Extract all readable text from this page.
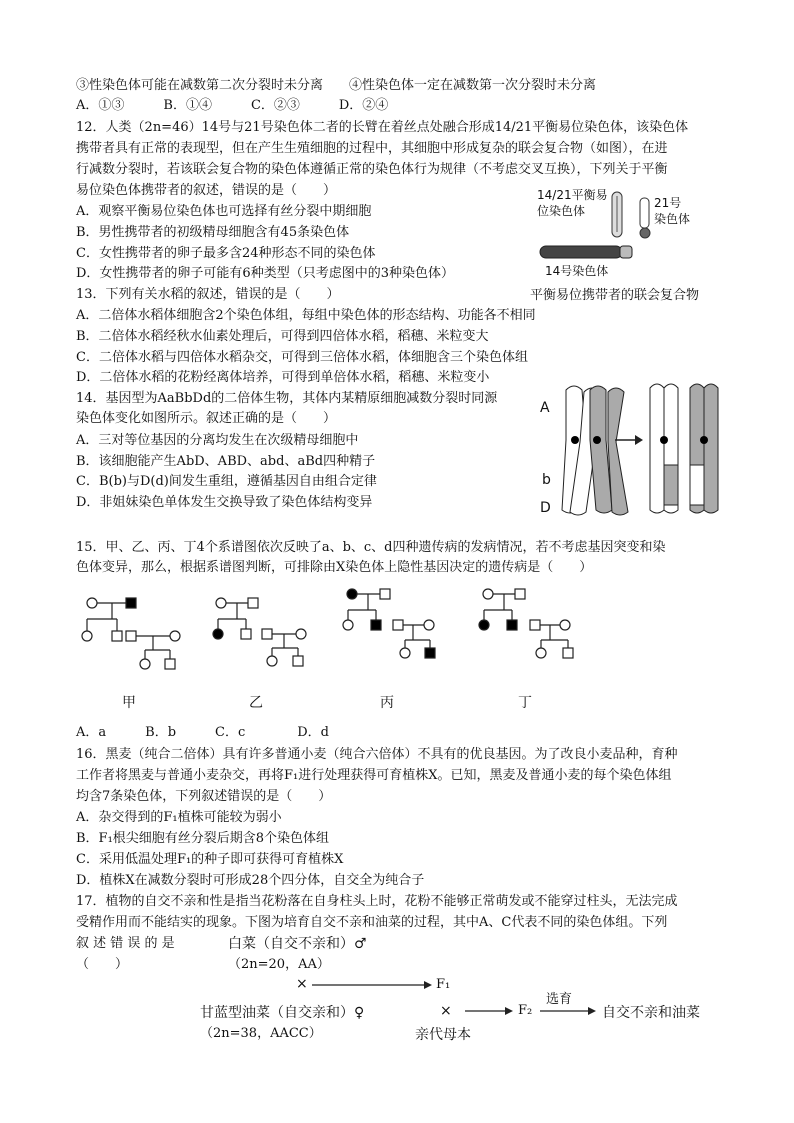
③性染色体可能在减数第二次分裂时未分离　　④性染色体一定在减数第一次分裂时未分离
A．①③　　　B．①④　　　C．②③　　　D．②④
12．人类（2n=46）14号与21号染色体二者的长臂在着丝点处融合形成14/21平衡易位染色体，该染色体
携带者具有正常的表现型，但在产生生殖细胞的过程中，其细胞中形成复杂的联会复合物（如图），在进
行减数分裂时，若该联会复合物的染色体遵循正常的染色体行为规律（不考虑交叉互换），下列关于平衡
易位染色体携带者的叙述，错误的是（　　）
A．观察平衡易位染色体也可选择有丝分裂中期细胞
B．男性携带者的初级精母细胞含有45条染色体
C．女性携带者的卵子最多含24种形态不同的染色体
D．女性携带者的卵子可能有6种类型（只考虑图中的3种染色体）
13．下列有关水稻的叙述，错误的是（　　）
A．二倍体水稻体细胞含2个染色体组，每组中染色体的形态结构、功能各不相同
B．二倍体水稻经秋水仙素处理后，可得到四倍体水稻，稻穗、米粒变大
C．二倍体水稻与四倍体水稻杂交，可得到三倍体水稻，体细胞含三个染色体组
D．二倍体水稻的花粉经离体培养，可得到单倍体水稻，稻穗、米粒变小
14．基因型为AaBbDd的二倍体生物，其体内某精原细胞减数分裂时同源
染色体变化如图所示。叙述正确的是（　　）
A．三对等位基因的分离均发生在次级精母细胞中
B．该细胞能产生AbD、ABD、abd、aBd四种精子
C．B(b)与D(d)间发生重组，遵循基因自由组合定律
D．非姐妹染色单体发生交换导致了染色体结构变异
15．甲、乙、丙、丁4个系谱图依次反映了a、b、c、d四种遗传病的发病情况，若不考虑基因突变和染
色体变异，那么，根据系谱图判断，可排除由X染色体上隐性基因决定的遗传病是（　　）
A．a　　　B．b　　　C．c　　　　D．d
16．黑麦（纯合二倍体）具有许多普通小麦（纯合六倍体）不具有的优良基因。为了改良小麦品种，育种
工作者将黑麦与普通小麦杂交，再将F₁进行处理获得可育植株X。已知，黑麦及普通小麦的每个染色体组
均含7条染色体，下列叙述错误的是（　　）
A．杂交得到的F₁植株可能较为弱小
B．F₁根尖细胞有丝分裂后期含8个染色体组
C．采用低温处理F₁的种子即可获得可育植株X
D．植株X在减数分裂时可形成28个四分体，自交全为纯合子
17．植物的自交不亲和性是指当花粉落在自身柱头上时，花粉不能够正常萌发或不能穿过柱头，无法完成
受精作用而不能结实的现象。下图为培育自交不亲和油菜的过程，其中A、C代表不同的染色体组。下列
叙 述 错 误 的 是
（　　）
14/21平衡易
位染色体
21号
染色体
14号染色体
平衡易位携带者的联会复合物
A
b
D
甲	乙	丙	丁
白菜（自交不亲和）♂
（2n=20，AA）
×	F₁
甘蓝型油菜（自交亲和）♀
（2n=38，AACC）
×
亲代母本
F₂
选育
自交不亲和油菜
